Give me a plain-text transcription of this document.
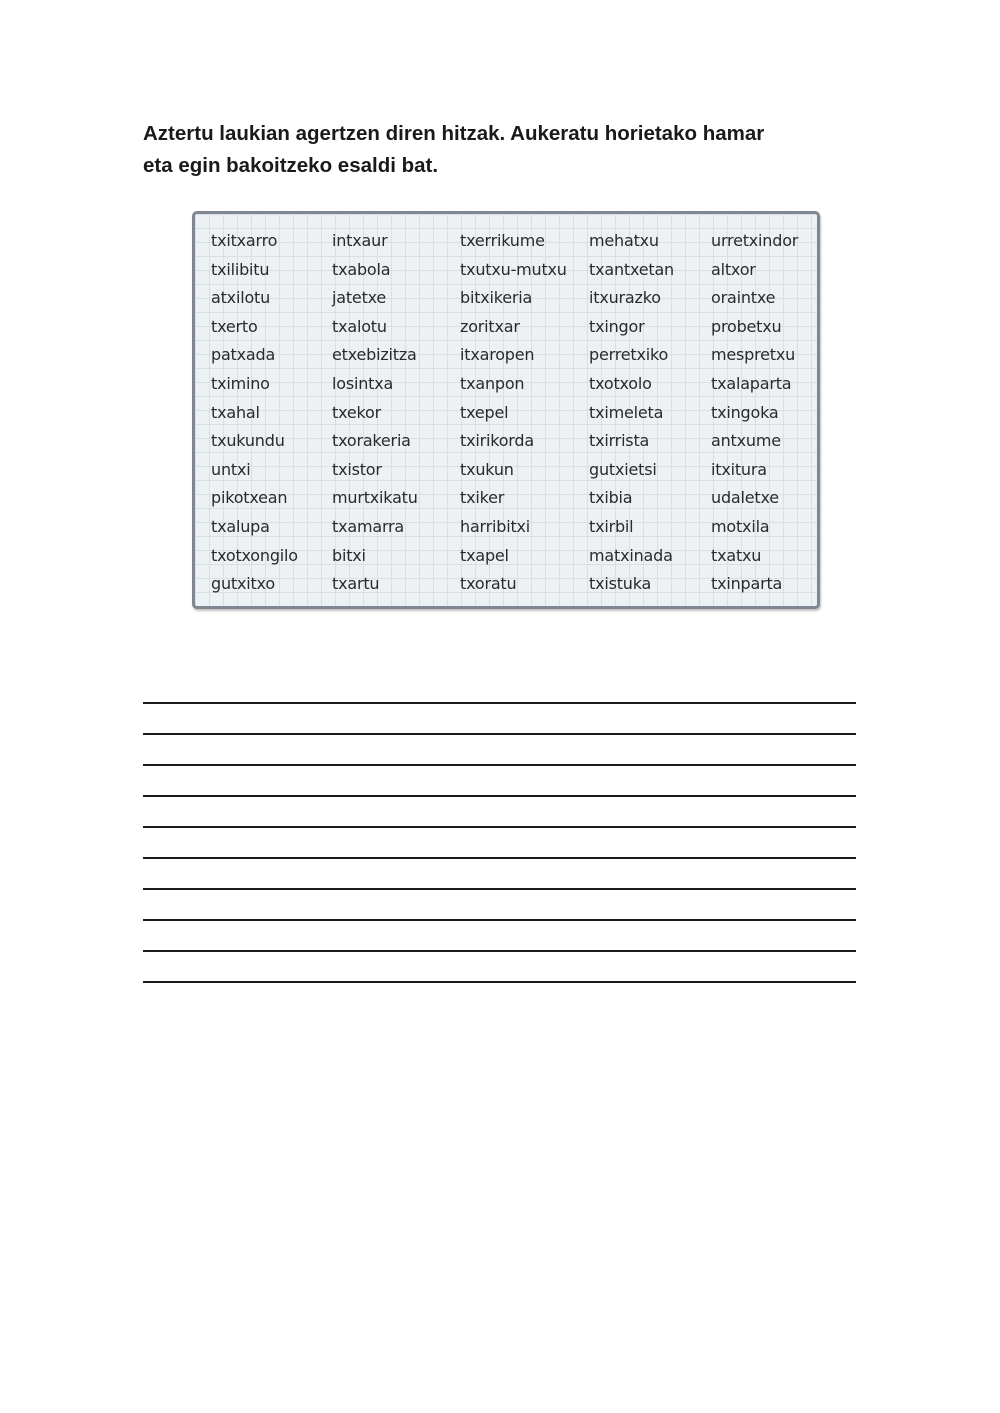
Aztertu laukian agertzen diren hitzak. Aukeratu horietako hamar
eta egin bakoitzeko esaldi bat.
txitxarro	intxaur	txerrikume	mehatxu	urretxindor
txilibitu	txabola	txutxu-mutxu	txantxetan	altxor
atxilotu	jatetxe	bitxikeria	itxurazko	oraintxe
txerto	txalotu	zoritxar	txingor	probetxu
patxada	etxebizitza	itxaropen	perretxiko	mespretxu
tximino	losintxa	txanpon	txotxolo	txalaparta
txahal	txekor	txepel	tximeleta	txingoka
txukundu	txorakeria	txirikorda	txirrista	antxume
untxi	txistor	txukun	gutxietsi	itxitura
pikotxean	murtxikatu	txiker	txibia	udaletxe
txalupa	txamarra	harribitxi	txirbil	motxila
txotxongilo	bitxi	txapel	matxinada	txatxu
gutxitxo	txartu	txoratu	txistuka	txinparta
